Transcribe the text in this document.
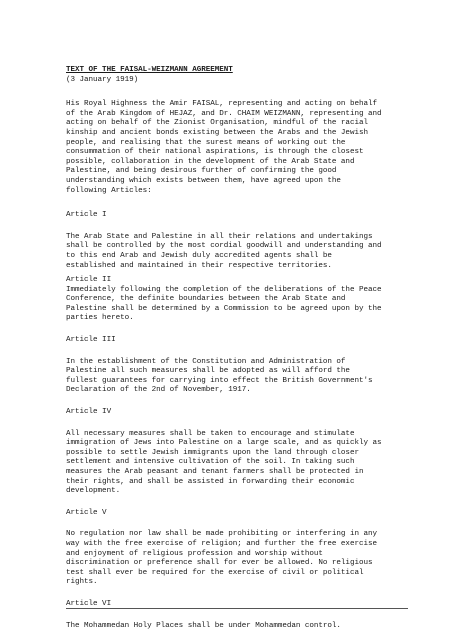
TEXT OF THE FAISAL-WEIZMANN AGREEMENT

(3 January 1919)

His Royal Highness the Amir FAISAL, representing and acting on behalf
of the Arab Kingdom of HEJAZ, and Dr. CHAIM WEIZMANN, representing and
acting on behalf of the Zionist Organisation, mindful of the racial
kinship and ancient bonds existing between the Arabs and the Jewish
people, and realising that the surest means of working out the
consummation of their national aspirations, is through the closest
possible, collaboration in the development of the Arab State and
Palestine, and being desirous further of confirming the good
understanding which exists between them, have agreed upon the
following Articles:

Article I

The Arab State and Palestine in all their relations and undertakings
shall be controlled by the most cordial goodwill and understanding and
to this end Arab and Jewish duly accredited agents shall be
established and maintained in their respective territories.

Article II

Immediately following the completion of the deliberations of the Peace
Conference, the definite boundaries between the Arab State and
Palestine shall be determined by a Commission to be agreed upon by the
parties hereto.

Article III

In the establishment of the Constitution and Administration of
Palestine all such measures shall be adopted as will afford the
fullest guarantees for carrying into effect the British Government's
Declaration of the 2nd of November, 1917.

Article IV

All necessary measures shall be taken to encourage and stimulate
immigration of Jews into Palestine on a large scale, and as quickly as
possible to settle Jewish immigrants upon the land through closer
settlement and intensive cultivation of the soil. In taking such
measures the Arab peasant and tenant farmers shall be protected in
their rights, and shall be assisted in forwarding their economic
development.

Article V

No regulation nor law shall be made prohibiting or interfering in any
way with the free exercise of religion; and further the free exercise
and enjoyment of religious profession and worship without
discrimination or preference shall for ever be allowed. No religious
test shall ever be required for the exercise of civil or political
rights.

Article VI

The Mohammedan Holy Places shall be under Mohammedan control.
